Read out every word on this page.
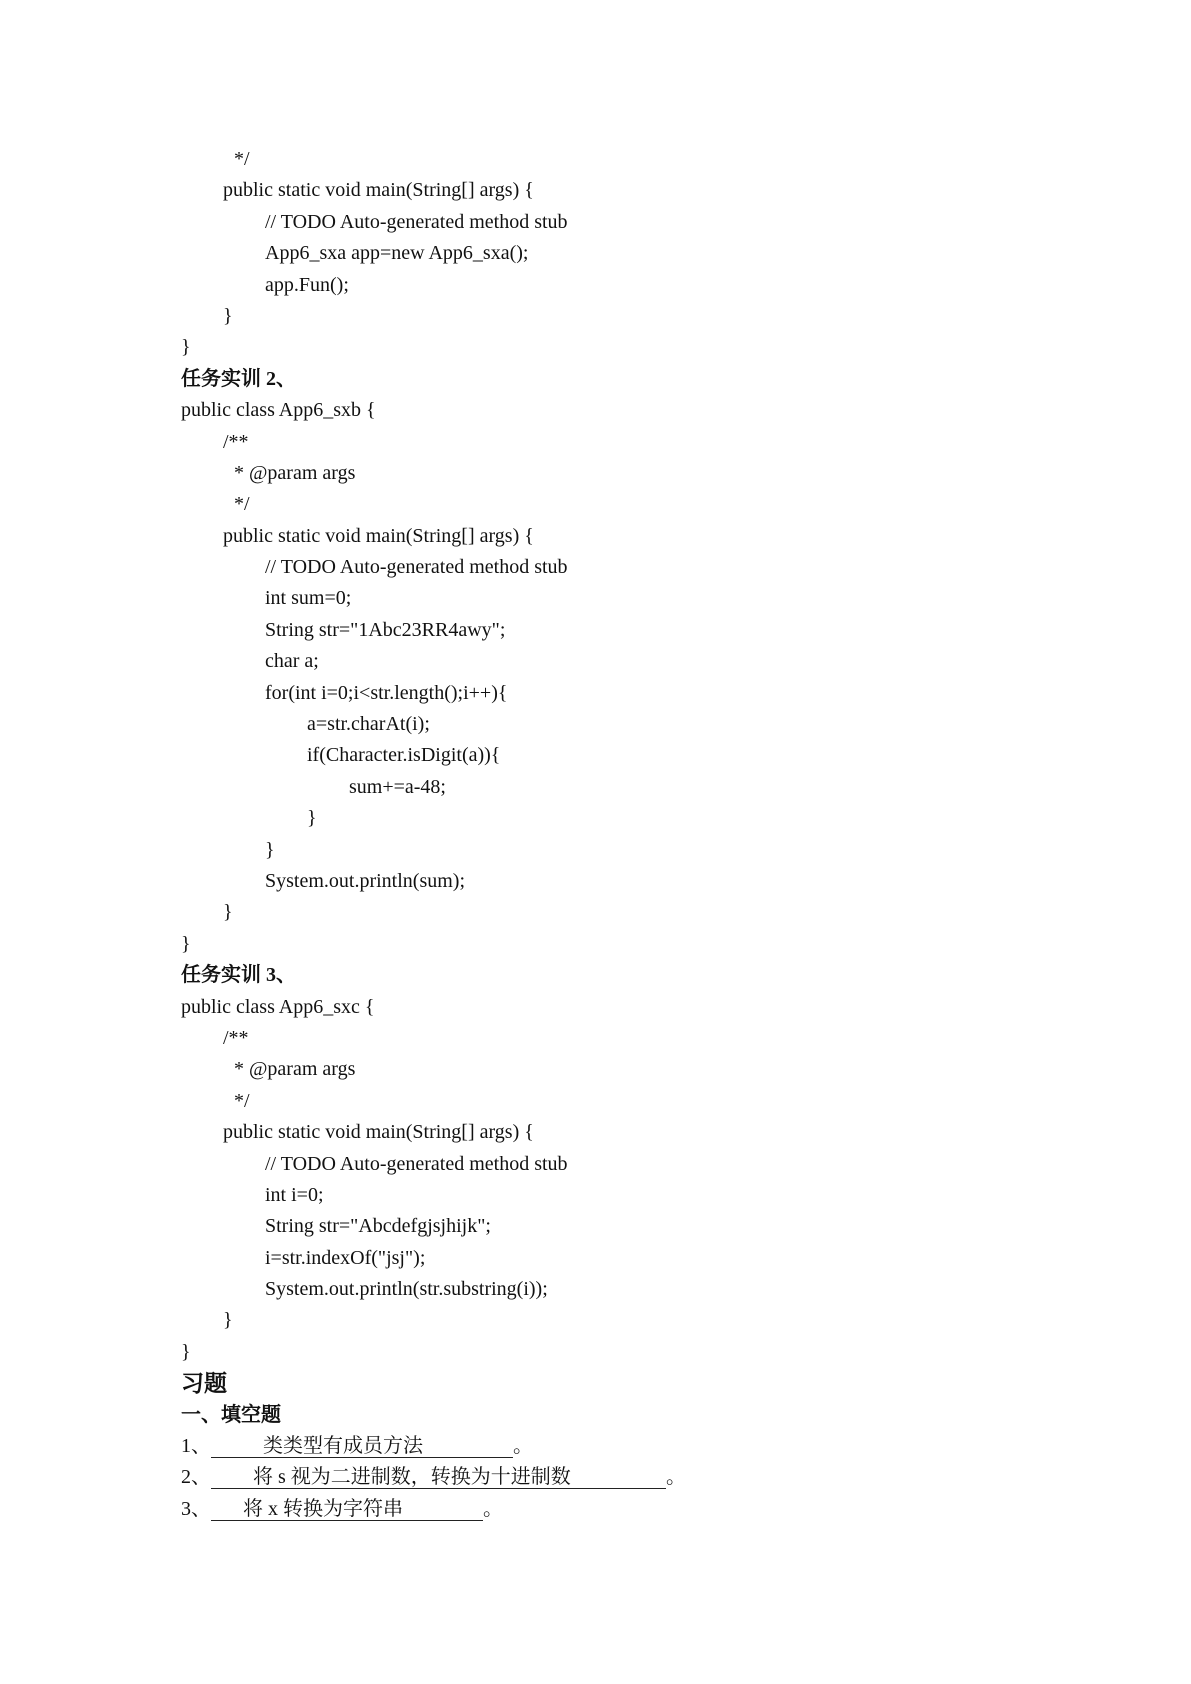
*/
public static void main(String[] args) {
// TODO Auto-generated method stub
App6_sxa app=new App6_sxa();
app.Fun();
}
}
任务实训 2、
public class App6_sxb {
/**
* @param args
*/
public static void main(String[] args) {
// TODO Auto-generated method stub
int sum=0;
String str="1Abc23RR4awy";
char a;
for(int i=0;i<str.length();i++){
a=str.charAt(i);
if(Character.isDigit(a)){
sum+=a-48;
}
}
System.out.println(sum);
}
}
任务实训 3、
public class App6_sxc {
/**
* @param args
*/
public static void main(String[] args) {
// TODO Auto-generated method stub
int i=0;
String str="Abcdefgjsjhijk";
i=str.indexOf("jsj");
System.out.println(str.substring(i));
}
}
习题
一、填空题
1、	类类型有成员方法	。
2、 将 s 视为二进制数，转换为十进制数	。
3、 将 x 转换为字符串	。
